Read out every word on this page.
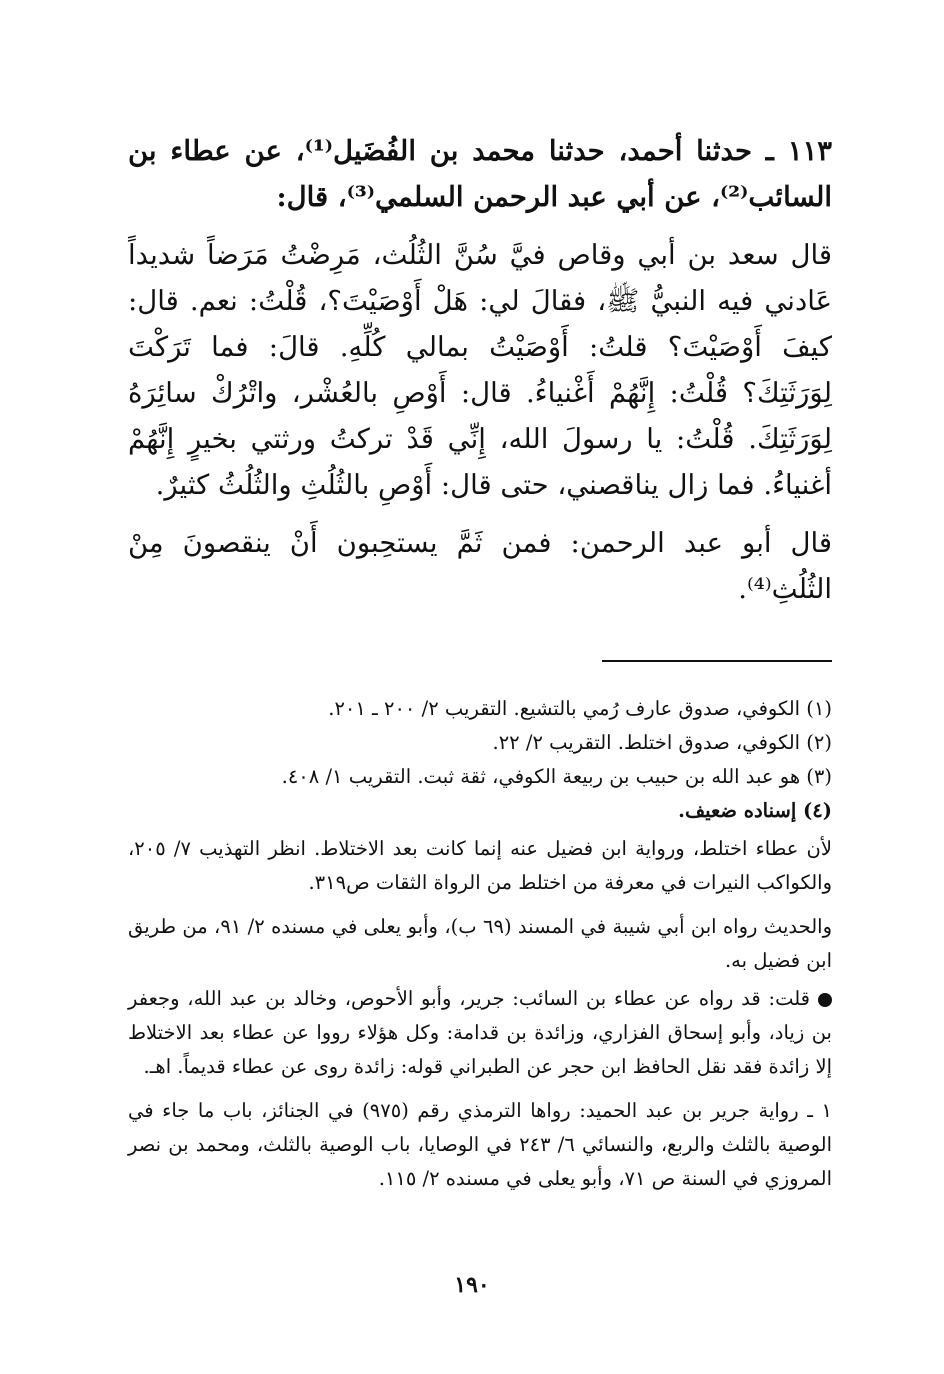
١١٣ ـ حدثنا أحمد، حدثنا محمد بن الفُضَيل⁽¹⁾، عن عطاء بن السائب⁽²⁾، عن أبي عبد الرحمن السلمي⁽³⁾، قال:

قال سعد بن أبي وقاص فيَّ سُنَّ الثُلُث، مَرِضْتُ مَرَضاً شديداً عَادني فيه النبيُّ ﷺ، فقالَ لي: هَلْ أَوْصَيْتَ؟، قُلْتُ: نعم. قال: كيفَ أَوْصَيْتَ؟ قلتُ: أَوْصَيْتُ بمالي كُلِّهِ. قالَ: فما تَرَكْتَ لِوَرَثَتِكَ؟ قُلْتُ: إِنَّهُمْ أَغْنياءُ. قال: أَوْصِ بالعُشْر، واتْرُكْ سائِرَهُ لِوَرَثَتِكَ. قُلْتُ: يا رسولَ الله، إِنِّي قَدْ تركتُ ورثتي بخيرٍ إِنَّهُمْ أغنياءُ. فما زال يناقصني، حتى قال: أَوْصِ بالثُلُثِ والثُلُثُ كثيرٌ.

قال أبو عبد الرحمن: فمن ثَمَّ يستحِبون أَنْ ينقصونَ مِنْ الثُلُثِ⁽⁴⁾.

(١) الكوفي، صدوق عارف رُمي بالتشيع. التقريب ٢/ ٢٠٠ ـ ٢٠١.
(٢) الكوفي، صدوق اختلط. التقريب ٢/ ٢٢.
(٣) هو عبد الله بن حبيب بن ربيعة الكوفي، ثقة ثبت. التقريب ١/ ٤٠٨.
(٤) إسناده ضعيف.

لأن عطاء اختلط، ورواية ابن فضيل عنه إنما كانت بعد الاختلاط. انظر التهذيب ٧/ ٢٠٥، والكواكب النيرات في معرفة من اختلط من الرواة الثقات ص٣١٩.

والحديث رواه ابن أبي شيبة في المسند (٦٩ ب)، وأبو يعلى في مسنده ٢/ ٩١، من طريق ابن فضيل به.

قلت: قد رواه عن عطاء بن السائب: جرير، وأبو الأحوص، وخالد بن عبد الله، وجعفر بن زياد، وأبو إسحاق الفزاري، وزائدة بن قدامة: وكل هؤلاء رووا عن عطاء بعد الاختلاط إلا زائدة فقد نقل الحافظ ابن حجر عن الطبراني قوله: زائدة روى عن عطاء قديماً. اهـ.

١ ـ رواية جرير بن عبد الحميد: رواها الترمذي رقم (٩٧٥) في الجنائز، باب ما جاء في الوصية بالثلث والربع، والنسائي ٦/ ٢٤٣ في الوصايا، باب الوصية بالثلث، ومحمد بن نصر المروزي في السنة ص ٧١، وأبو يعلى في مسنده ٢/ ١١٥.

١٩٠
